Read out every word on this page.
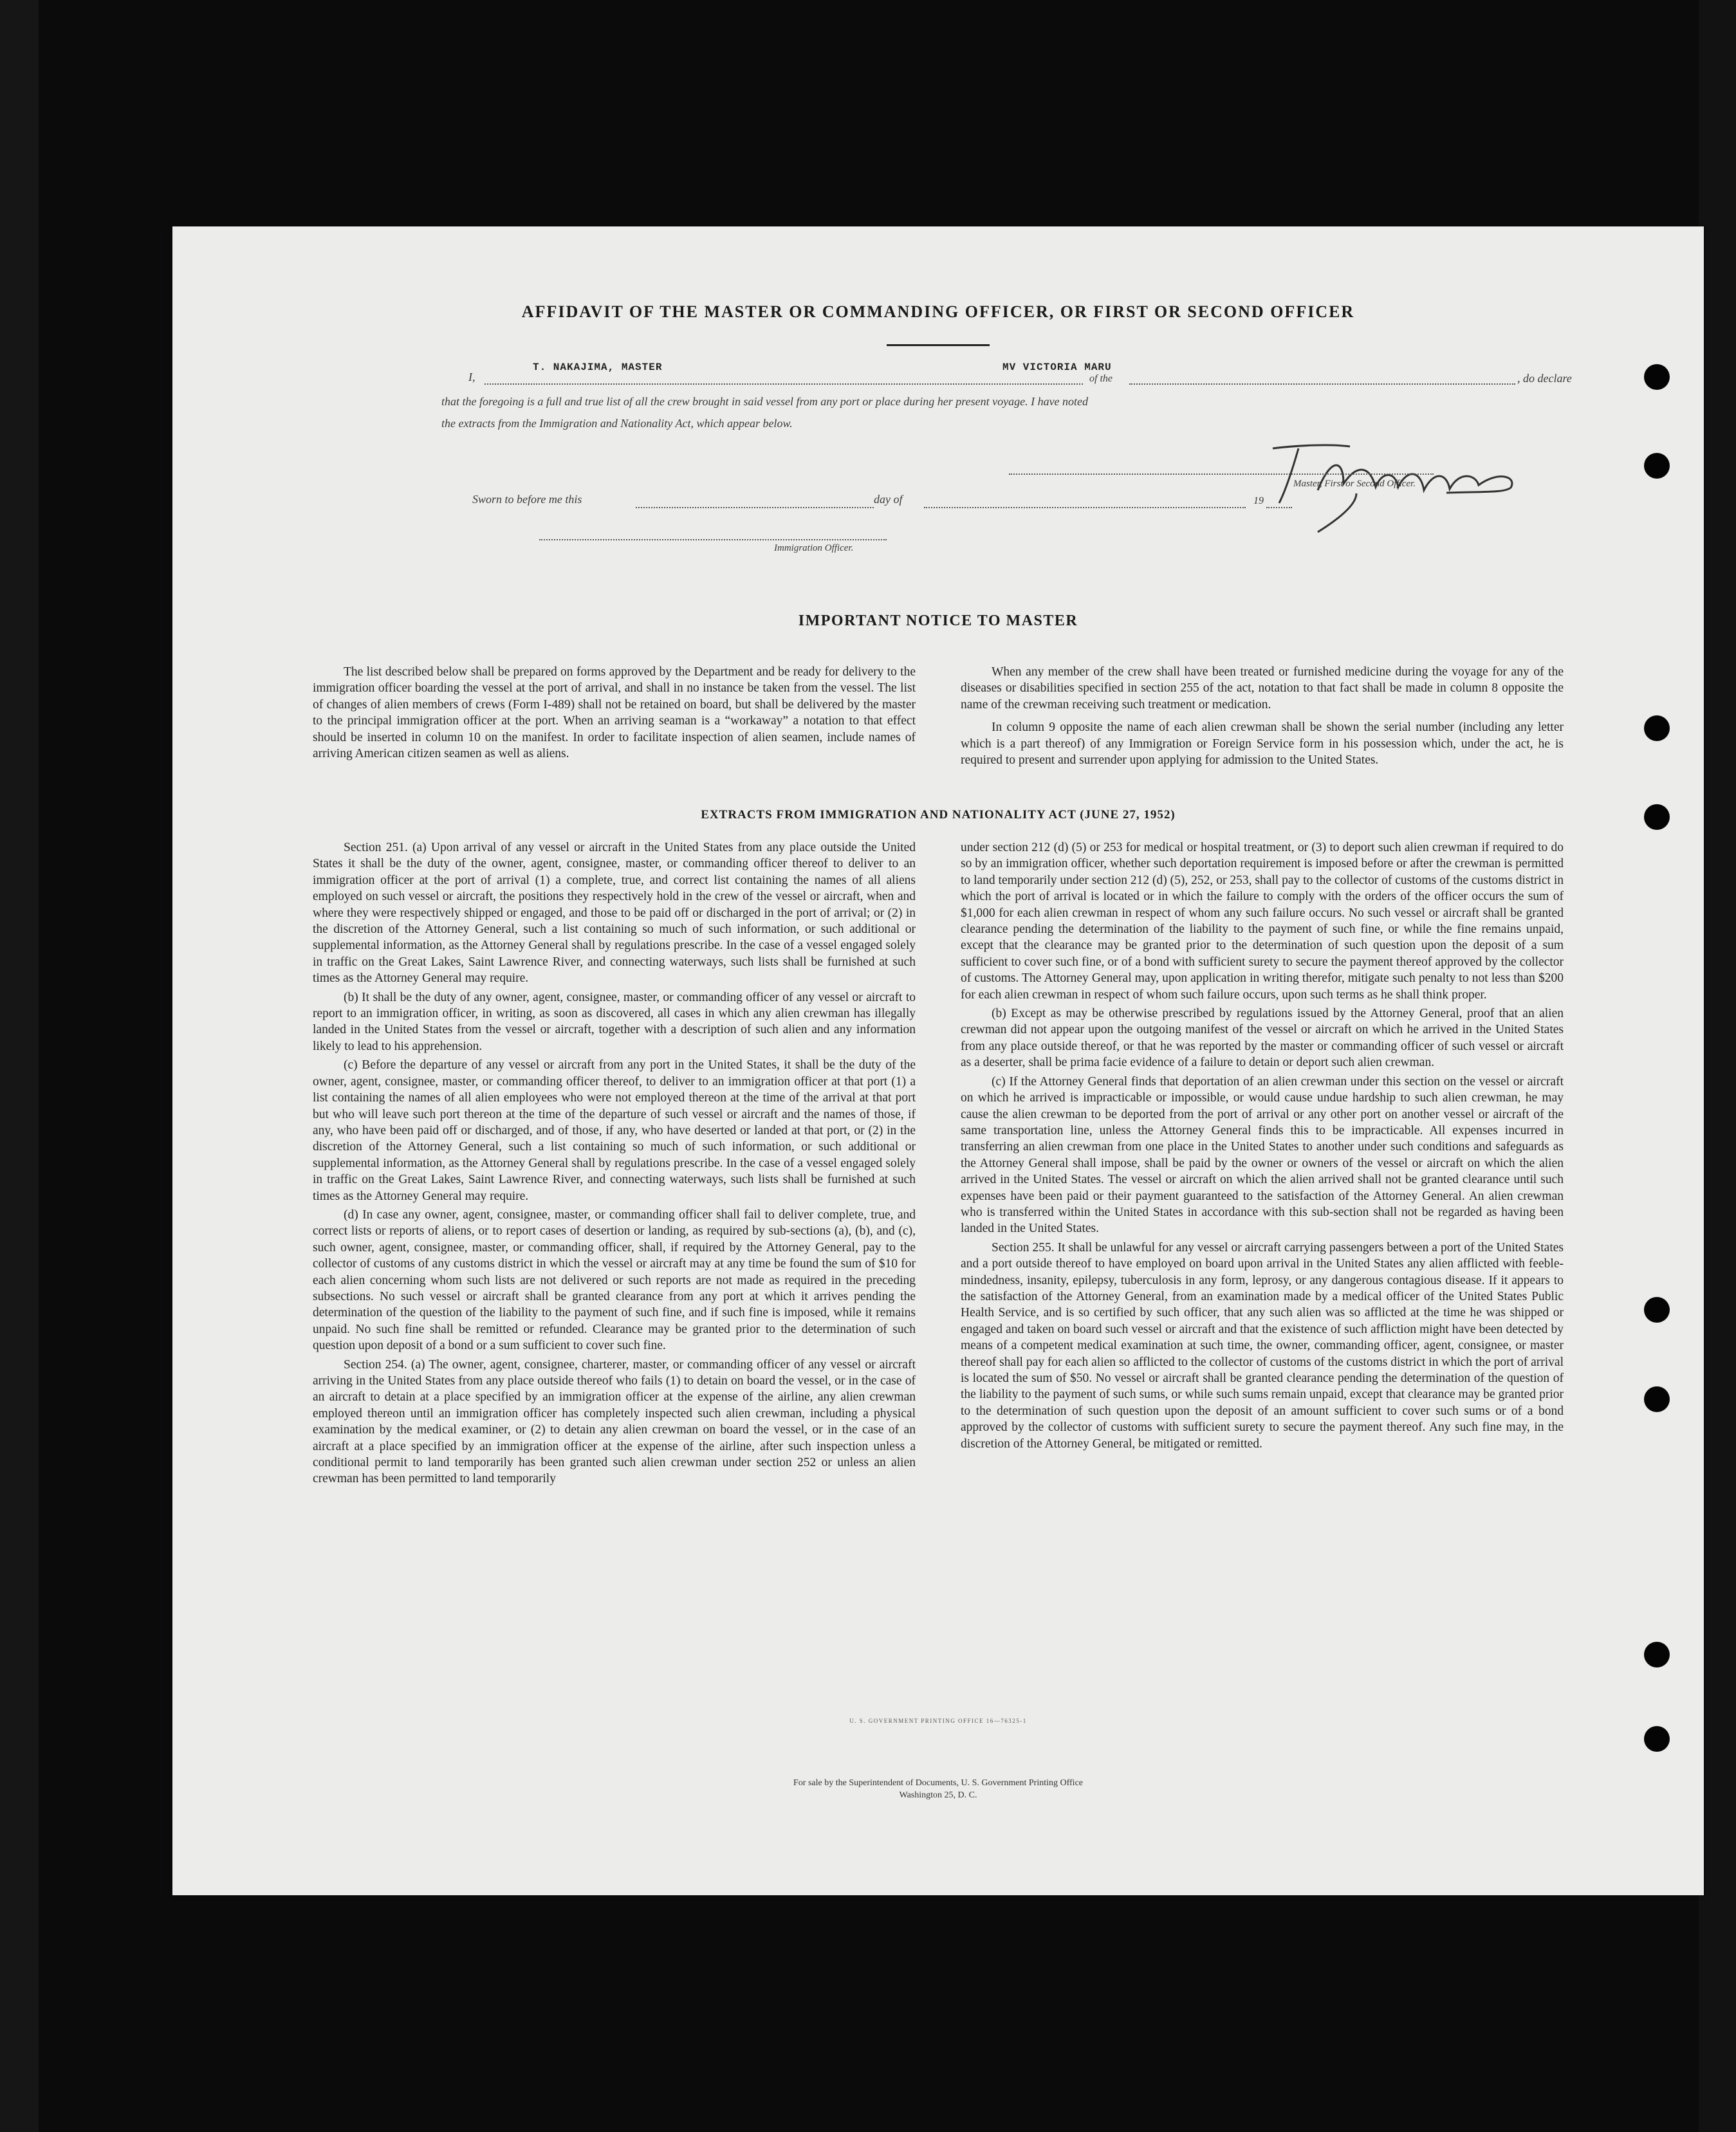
AFFIDAVIT OF THE MASTER OR COMMANDING OFFICER, OR FIRST OR SECOND OFFICER
I,
T. NAKAJIMA, MASTER
of the
MV VICTORIA MARU
, do declare
that the foregoing is a full and true list of all the crew brought in said vessel from any port or place during her present voyage. I have noted
the extracts from the Immigration and Nationality Act, which appear below.
Master, First or Second Officer.
Sworn to before me this	day of	19
Immigration Officer.
IMPORTANT NOTICE TO MASTER

The list described below shall be prepared on forms approved by the Department and be ready for delivery to the immigration officer boarding the vessel at the port of arrival, and shall in no instance be taken from the vessel. The list of changes of alien members of crews (Form I-489) shall not be retained on board, but shall be delivered by the master to the principal immigration officer at the port. When an arriving seaman is a “workaway” a notation to that effect should be inserted in column 10 on the manifest. In order to facilitate inspection of alien seamen, include names of arriving American citizen seamen as well as aliens.

When any member of the crew shall have been treated or furnished medicine during the voyage for any of the diseases or disabilities specified in section 255 of the act, notation to that fact shall be made in column 8 opposite the name of the crewman receiving such treatment or medication.

In column 9 opposite the name of each alien crewman shall be shown the serial number (including any letter which is a part thereof) of any Immigration or Foreign Service form in his possession which, under the act, he is required to present and surrender upon applying for admission to the United States.

EXTRACTS FROM IMMIGRATION AND NATIONALITY ACT (JUNE 27, 1952)

Section 251. (a) Upon arrival of any vessel or aircraft in the United States from any place outside the United States it shall be the duty of the owner, agent, consignee, master, or commanding officer thereof to deliver to an immigration officer at the port of arrival (1) a complete, true, and correct list containing the names of all aliens employed on such vessel or aircraft, the positions they respectively hold in the crew of the vessel or aircraft, when and where they were respectively shipped or engaged, and those to be paid off or discharged in the port of arrival; or (2) in the discretion of the Attorney General, such a list containing so much of such information, or such additional or supplemental information, as the Attorney General shall by regulations prescribe. In the case of a vessel engaged solely in traffic on the Great Lakes, Saint Lawrence River, and connecting waterways, such lists shall be furnished at such times as the Attorney General may require.

(b) It shall be the duty of any owner, agent, consignee, master, or commanding officer of any vessel or aircraft to report to an immigration officer, in writing, as soon as discovered, all cases in which any alien crewman has illegally landed in the United States from the vessel or aircraft, together with a description of such alien and any information likely to lead to his apprehension.

(c) Before the departure of any vessel or aircraft from any port in the United States, it shall be the duty of the owner, agent, consignee, master, or commanding officer thereof, to deliver to an immigration officer at that port (1) a list containing the names of all alien employees who were not employed thereon at the time of the arrival at that port but who will leave such port thereon at the time of the departure of such vessel or aircraft and the names of those, if any, who have been paid off or discharged, and of those, if any, who have deserted or landed at that port, or (2) in the discretion of the Attorney General, such a list containing so much of such information, or such additional or supplemental information, as the Attorney General shall by regulations prescribe. In the case of a vessel engaged solely in traffic on the Great Lakes, Saint Lawrence River, and connecting waterways, such lists shall be furnished at such times as the Attorney General may require.

(d) In case any owner, agent, consignee, master, or commanding officer shall fail to deliver complete, true, and correct lists or reports of aliens, or to report cases of desertion or landing, as required by sub-sections (a), (b), and (c), such owner, agent, consignee, master, or commanding officer, shall, if required by the Attorney General, pay to the collector of customs of any customs district in which the vessel or aircraft may at any time be found the sum of $10 for each alien concerning whom such lists are not delivered or such reports are not made as required in the preceding subsections. No such vessel or aircraft shall be granted clearance from any port at which it arrives pending the determination of the question of the liability to the payment of such fine, and if such fine is imposed, while it remains unpaid. No such fine shall be remitted or refunded. Clearance may be granted prior to the determination of such question upon deposit of a bond or a sum sufficient to cover such fine.

Section 254. (a) The owner, agent, consignee, charterer, master, or commanding officer of any vessel or aircraft arriving in the United States from any place outside thereof who fails (1) to detain on board the vessel, or in the case of an aircraft to detain at a place specified by an immigration officer at the expense of the airline, any alien crewman employed thereon until an immigration officer has completely inspected such alien crewman, including a physical examination by the medical examiner, or (2) to detain any alien crewman on board the vessel, or in the case of an aircraft at a place specified by an immigration officer at the expense of the airline, after such inspection unless a conditional permit to land temporarily has been granted such alien crewman under section 252 or unless an alien crewman has been permitted to land temporarily

under section 212 (d) (5) or 253 for medical or hospital treatment, or (3) to deport such alien crewman if required to do so by an immigration officer, whether such deportation requirement is imposed before or after the crewman is permitted to land temporarily under section 212 (d) (5), 252, or 253, shall pay to the collector of customs of the customs district in which the port of arrival is located or in which the failure to comply with the orders of the officer occurs the sum of $1,000 for each alien crewman in respect of whom any such failure occurs. No such vessel or aircraft shall be granted clearance pending the determination of the liability to the payment of such fine, or while the fine remains unpaid, except that the clearance may be granted prior to the determination of such question upon the deposit of a sum sufficient to cover such fine, or of a bond with sufficient surety to secure the payment thereof approved by the collector of customs. The Attorney General may, upon application in writing therefor, mitigate such penalty to not less than $200 for each alien crewman in respect of whom such failure occurs, upon such terms as he shall think proper.

(b) Except as may be otherwise prescribed by regulations issued by the Attorney General, proof that an alien crewman did not appear upon the outgoing manifest of the vessel or aircraft on which he arrived in the United States from any place outside thereof, or that he was reported by the master or commanding officer of such vessel or aircraft as a deserter, shall be prima facie evidence of a failure to detain or deport such alien crewman.

(c) If the Attorney General finds that deportation of an alien crewman under this section on the vessel or aircraft on which he arrived is impracticable or impossible, or would cause undue hardship to such alien crewman, he may cause the alien crewman to be deported from the port of arrival or any other port on another vessel or aircraft of the same transportation line, unless the Attorney General finds this to be impracticable. All expenses incurred in transferring an alien crewman from one place in the United States to another under such conditions and safeguards as the Attorney General shall impose, shall be paid by the owner or owners of the vessel or aircraft on which the alien arrived in the United States. The vessel or aircraft on which the alien arrived shall not be granted clearance until such expenses have been paid or their payment guaranteed to the satisfaction of the Attorney General. An alien crewman who is transferred within the United States in accordance with this sub-section shall not be regarded as having been landed in the United States.

Section 255. It shall be unlawful for any vessel or aircraft carrying passengers between a port of the United States and a port outside thereof to have employed on board upon arrival in the United States any alien afflicted with feeble-mindedness, insanity, epilepsy, tuberculosis in any form, leprosy, or any dangerous contagious disease. If it appears to the satisfaction of the Attorney General, from an examination made by a medical officer of the United States Public Health Service, and is so certified by such officer, that any such alien was so afflicted at the time he was shipped or engaged and taken on board such vessel or aircraft and that the existence of such affliction might have been detected by means of a competent medical examination at such time, the owner, commanding officer, agent, consignee, or master thereof shall pay for each alien so afflicted to the collector of customs of the customs district in which the port of arrival is located the sum of $50. No vessel or aircraft shall be granted clearance pending the determination of the question of the liability to the payment of such sums, or while such sums remain unpaid, except that clearance may be granted prior to the determination of such question upon the deposit of an amount sufficient to cover such sums or of a bond approved by the collector of customs with sufficient surety to secure the payment thereof. Any such fine may, in the discretion of the Attorney General, be mitigated or remitted.

U. S. GOVERNMENT PRINTING OFFICE 16—76325-1
For sale by the Superintendent of Documents, U. S. Government Printing Office
Washington 25, D. C.
